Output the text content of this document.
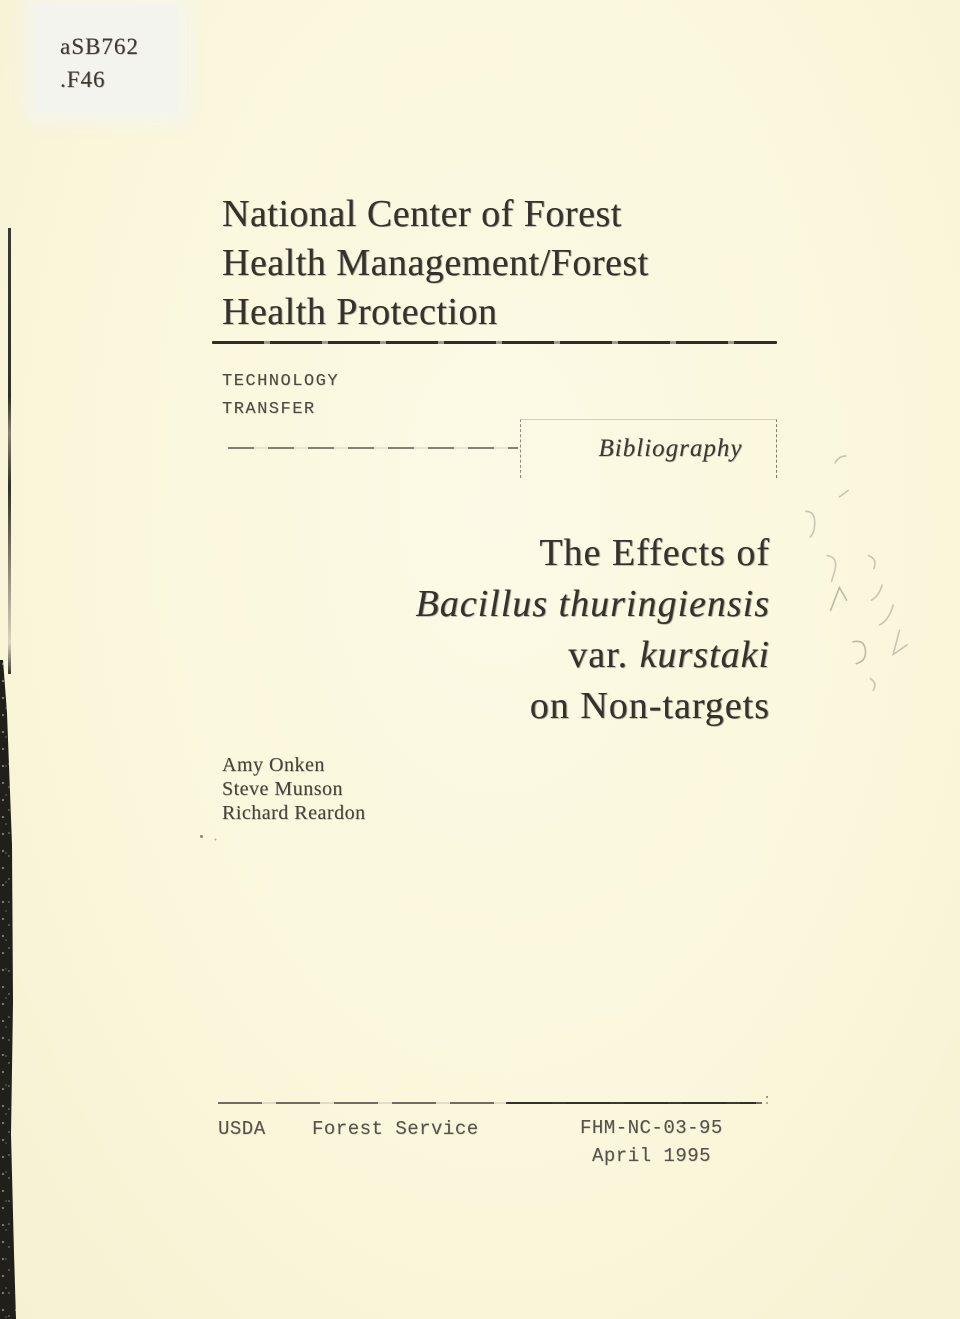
aSB762
.F46
National Center of Forest
Health Management/Forest
Health Protection
TECHNOLOGY
TRANSFER
Bibliography
The Effects of
Bacillus thuringiensis
var. kurstaki
on Non-targets
Amy Onken
Steve Munson
Richard Reardon
USDA Forest Service	FHM-NC-03-95
April 1995
